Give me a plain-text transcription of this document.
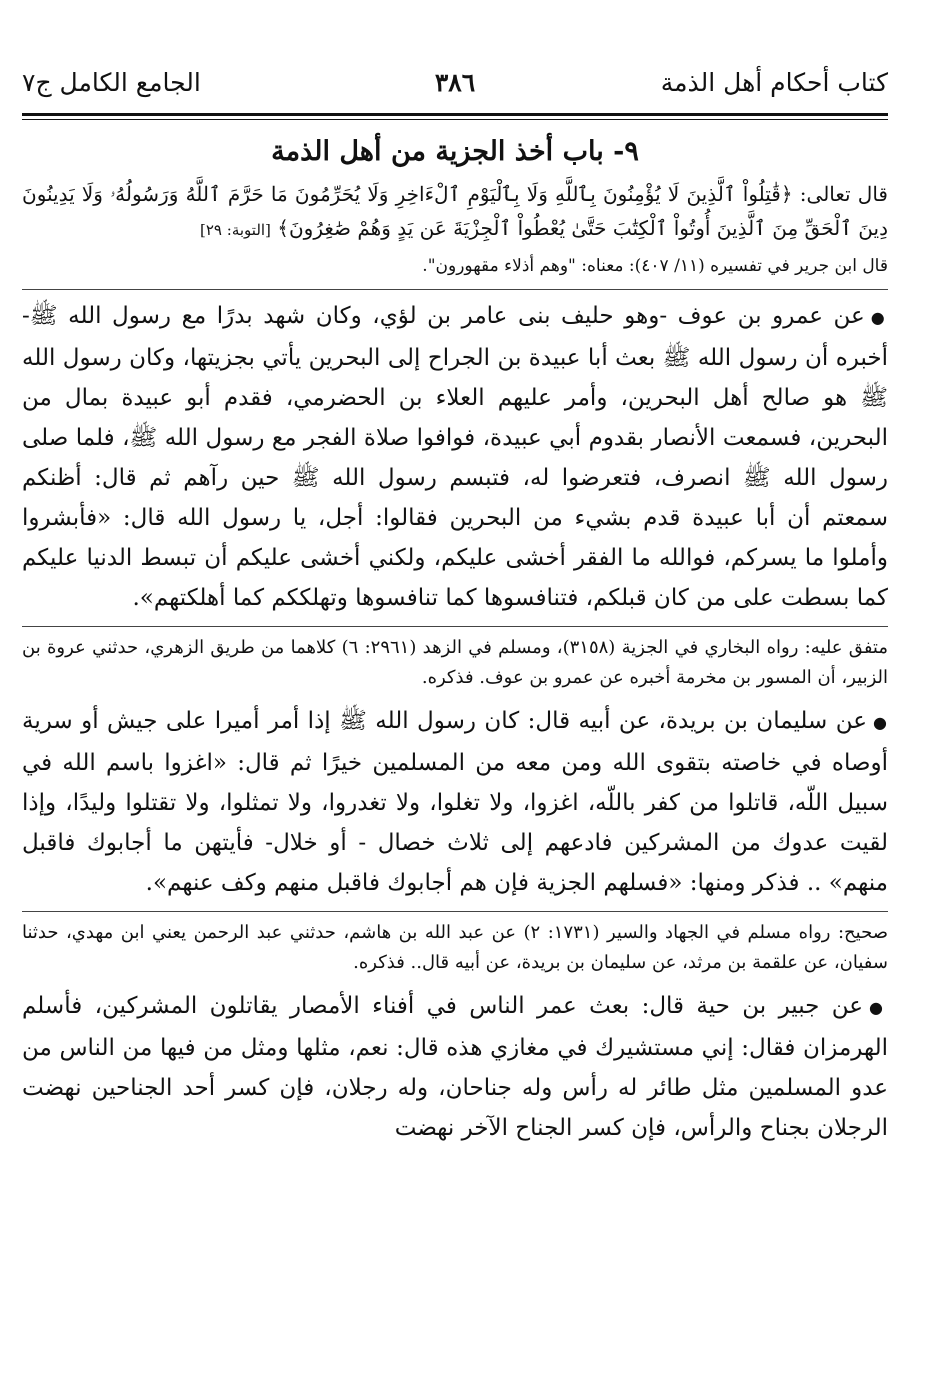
كتاب أحكام أهل الذمة
٣٨٦
الجامع الكامل ج٧
٩- باب أخذ الجزية من أهل الذمة

قال تعالى: ﴿قَٰتِلُواْ ٱلَّذِينَ لَا يُؤْمِنُونَ بِٱللَّهِ وَلَا بِٱلْيَوْمِ ٱلْءَاخِرِ وَلَا يُحَرِّمُونَ مَا حَرَّمَ ٱللَّهُ وَرَسُولُهُۥ وَلَا يَدِينُونَ دِينَ ٱلْحَقِّ مِنَ ٱلَّذِينَ أُوتُواْ ٱلْكِتَٰبَ حَتَّىٰ يُعْطُواْ ٱلْجِزْيَةَ عَن يَدٍ وَهُمْ صَٰغِرُونَ﴾ [التوبة: ٢٩]

قال ابن جرير في تفسيره (١١/ ٤٠٧): معناه: "وهم أذلاء مقهورون".

●عن عمرو بن عوف -وهو حليف بنى عامر بن لؤي، وكان شهد بدرًا مع رسول الله ﷺ- أخبره أن رسول الله ﷺ بعث أبا عبيدة بن الجراح إلى البحرين يأتي بجزيتها، وكان رسول الله ﷺ هو صالح أهل البحرين، وأمر عليهم العلاء بن الحضرمي، فقدم أبو عبيدة بمال من البحرين، فسمعت الأنصار بقدوم أبي عبيدة، فوافوا صلاة الفجر مع رسول الله ﷺ، فلما صلى رسول الله ﷺ انصرف، فتعرضوا له، فتبسم رسول الله ﷺ حين رآهم ثم قال: أظنكم سمعتم أن أبا عبيدة قدم بشيء من البحرين فقالوا: أجل، يا رسول الله قال: «فأبشروا وأملوا ما يسركم، فوالله ما الفقر أخشى عليكم، ولكني أخشى عليكم أن تبسط الدنيا عليكم كما بسطت على من كان قبلكم، فتنافسوها كما تنافسوها وتهلككم كما أهلكتهم».

متفق عليه: رواه البخاري في الجزية (٣١٥٨)، ومسلم في الزهد (٢٩٦١: ٦) كلاهما من طريق الزهري، حدثني عروة بن الزبير، أن المسور بن مخرمة أخبره عن عمرو بن عوف. فذكره.

●عن سليمان بن بريدة، عن أبيه قال: كان رسول الله ﷺ إذا أمر أميرا على جيش أو سرية أوصاه في خاصته بتقوى الله ومن معه من المسلمين خيرًا ثم قال: «اغزوا باسم الله في سبيل اللّه، قاتلوا من كفر باللّه، اغزوا، ولا تغلوا، ولا تغدروا، ولا تمثلوا، ولا تقتلوا وليدًا، وإذا لقيت عدوك من المشركين فادعهم إلى ثلاث خصال - أو خلال- فأيتهن ما أجابوك فاقبل منهم» .. فذكر ومنها: «فسلهم الجزية فإن هم أجابوك فاقبل منهم وكف عنهم».

صحيح: رواه مسلم في الجهاد والسير (١٧٣١: ٢) عن عبد الله بن هاشم، حدثني عبد الرحمن يعني ابن مهدي، حدثنا سفيان، عن علقمة بن مرثد، عن سليمان بن بريدة، عن أبيه قال.. فذكره.

●عن جبير بن حية قال: بعث عمر الناس في أفناء الأمصار يقاتلون المشركين، فأسلم الهرمزان فقال: إني مستشيرك في مغازي هذه قال: نعم، مثلها ومثل من فيها من الناس من عدو المسلمين مثل طائر له رأس وله جناحان، وله رجلان، فإن كسر أحد الجناحين نهضت الرجلان بجناح والرأس، فإن كسر الجناح الآخر نهضت
